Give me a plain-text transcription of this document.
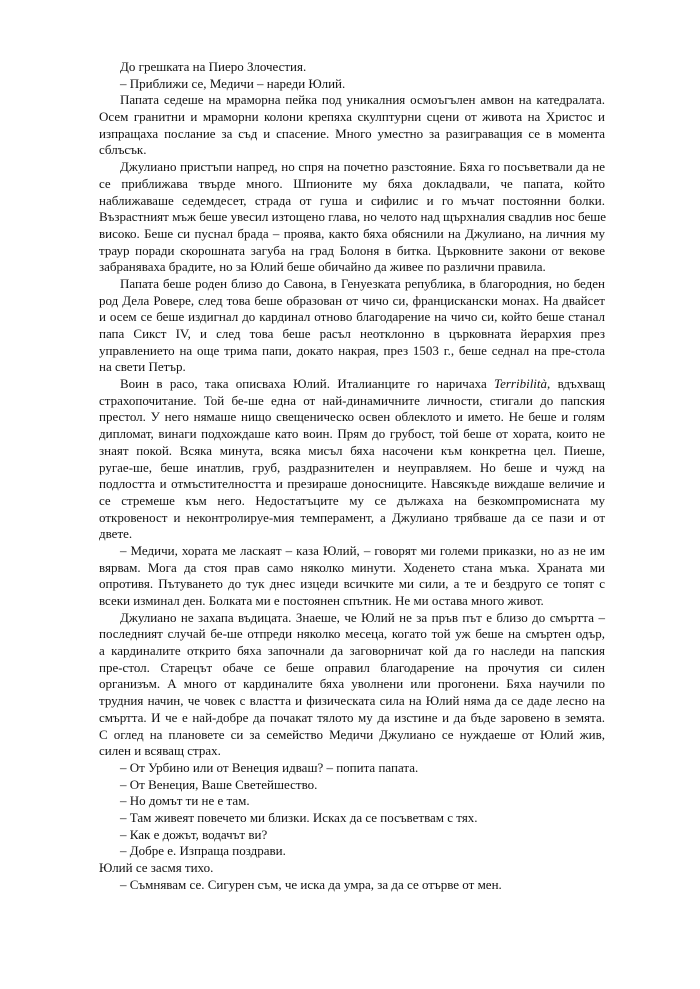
До грешката на Пиеро Злочестия.
– Приближи се, Медичи – нареди Юлий.
Папата седеше на мраморна пейка под уникалния осмоъгълен амвон на катедралата.
Осем гранитни и мраморни колони крепяха скулптурни сцени от живота на Христос и
изпращаха послание за съд и спасение. Много уместно за разиграващия се в момента
сблъсък.
Джулиано пристъпи напред, но спря на почетно разстояние. Бяха го посъветвали да не
се приближава твърде много. Шпионите му бяха докладвали, че папата, който
наближаваше седемдесет, страда от гуша и сифилис и го мъчат постоянни болки.
Възрастният мъж беше увесил изтощено глава, но челото над щърхналия свадлив нос беше
високо. Беше си пуснал брада – проява, както бяха обяснили на Джулиано, на личния му
траур поради скорошната загуба на град Болоня в битка. Църковните закони от векове
забраняваха брадите, но за Юлий беше обичайно да живее по различни правила.
Папата беше роден близо до Савона, в Генуезката република, в благородния, но беден
род Дела Ровере, след това беше образован от чичо си, францискански монах. На двайсет
и осем се беше издигнал до кардинал отново благодарение на чичо си, който беше станал
папа Сикст IV, и след това беше расъл неотклонно в църковната йерархия през
управлението на още трима папи, докато накрая, през 1503 г., беше седнал на пре-стола
на свети Петър.
Воин в расо, така описваха Юлий. Италианците го наричаха Terribilità, вдъхващ
страхопочитание. Той бе-ше една от най-динамичните личности, стигали до папския
престол. У него нямаше нищо свещеническо освен облеклото и името. Не беше и голям
дипломат, винаги подхождаше като воин. Прям до грубост, той беше от хората, които не
знаят покой. Всяка минута, всяка мисъл бяха насочени към конкретна цел. Пиеше,
ругае-ше, беше инатлив, груб, раздразнителен и неуправляем. Но беше и чужд на
подлостта и отмъстителността и презираше доносниците. Навсякъде виждаше величие и
се стремеше към него. Недостатъците му се дължаха на безкомпромисната му
откровеност и неконтролируе-мия темперамент, а Джулиано трябваше да се пази и от
двете.
– Медичи, хората ме ласкаят – каза Юлий, – говорят ми големи приказки, но аз не им
вярвам. Мога да стоя прав само няколко минути. Ходенето стана мъка. Храната ми
опротивя. Пътуването до тук днес изцеди всичките ми сили, а те и бездруго се топят с
всеки изминал ден. Болката ми е постоянен спътник. Не ми остава много живот.
Джулиано не захапа въдицата. Знаеше, че Юлий не за пръв път е близо до смъртта –
последният случай бе-ше отпреди няколко месеца, когато той уж беше на смъртен одър,
а кардиналите открито бяха започнали да заговорничат кой да го наследи на папския
пре-стол. Старецът обаче се беше оправил благодарение на прочутия си силен
организъм. А много от кардиналите бяха уволнени или прогонени. Бяха научили по
трудния начин, че човек с властта и физическата сила на Юлий няма да се даде лесно на
смъртта. И че е най-добре да почакат тялото му да изстине и да бъде заровено в земята.
С оглед на плановете си за семейство Медичи Джулиано се нуждаеше от Юлий жив,
силен и всяващ страх.
– От Урбино или от Венеция идваш? – попита папата.
– От Венеция, Ваше Светейшество.
– Но домът ти не е там.
– Там живеят повечето ми близки. Исках да се посъветвам с тях.
– Как е дожът, водачът ви?
– Добре е. Изпраща поздрави.
Юлий се засмя тихо.
– Съмнявам се. Сигурен съм, че иска да умра, за да се отърве от мен.
